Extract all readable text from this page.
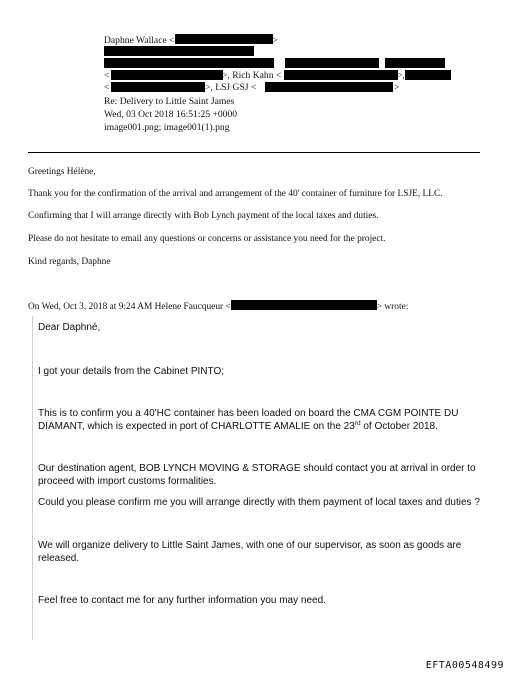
Daphne Wallace <	>
<	>, Rich Kahn <	>,
<	>, LSJ GSJ <	>
Re: Delivery to Little Saint James
Wed, 03 Oct 2018 16:51:25 +0000
image001.png; image001(1).png
Greetings Hélène,
Thank you for the confirmation of the arrival and arrangement of the 40' container of furniture for LSJE, LLC.
Confirming that I will arrange directly with Bob Lynch payment of the local taxes and duties.
Please do not hesitate to email any questions or concerns or assistance you need for the project.
Kind regards, Daphne
On Wed, Oct 3, 2018 at 9:24 AM Helene Faucqueur <	> wrote:
Dear Daphné,
I got your details from the Cabinet PINTO;
This is to confirm you a 40'HC container has been loaded on board the CMA CGM POINTE DU
DIAMANT, which is expected in port of CHARLOTTE AMALIE on the 23rd of October 2018.
Our destination agent, BOB LYNCH MOVING & STORAGE should contact you at arrival in order to
proceed with import customs formalities.
Could you please confirm me you will arrange directly with them payment of local taxes and duties ?
We will organize delivery to Little Saint James, with one of our supervisor, as soon as goods are
released.
Feel free to contact me for any further information you may need.
EFTA00548499
